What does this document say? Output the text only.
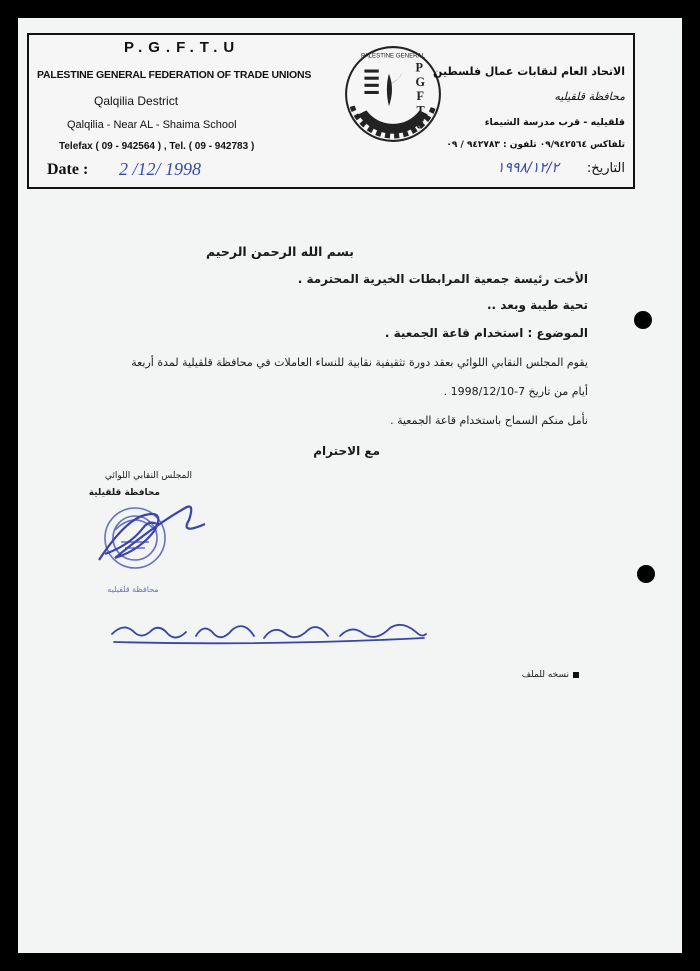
P.G.F.T.U
PALESTINE GENERAL FEDERATION OF TRADE UNIONS
Qalqilia Destrict
Qalqilia - Near AL - Shaima School
Telefax ( 09 - 942564 ) , Tel. ( 09 - 942783 )
PALESTINE GENERAL
P
G
F
T
U
الاتحاد العام لنقابات عمال فلسطين
محافظة قلقيليه
قلقيليه - قرب مدرسة الشيماء
تلفاكس ٠٩/٩٤٢٥٦٤ تلفون : ٩٤٢٧٨٣ / ٠٩
Date : 2 /12/ 1998	التاريخ:
١٩٩٨/١٢/٢
بسم الله الرحمن الرحيم
الأخت رئيسة جمعية المرابطات الخيرية المحترمة .
تحية طيبة وبعد ..
الموضوع : استخدام قاعة الجمعية .
يقوم المجلس النقابي اللوائي بعقد دورة تثقيفية نقابية للنساء العاملات في محافظة قلقيلية لمدة أربعة
أيام من تاريخ 7-1998/12/10 .
نأمل منكم السماح باستخدام قاعة الجمعية .
مع الاحترام
المجلس النقابي اللوائي
محافظة قلقيلية
محافظة قلقيليه
نسخه للملف
